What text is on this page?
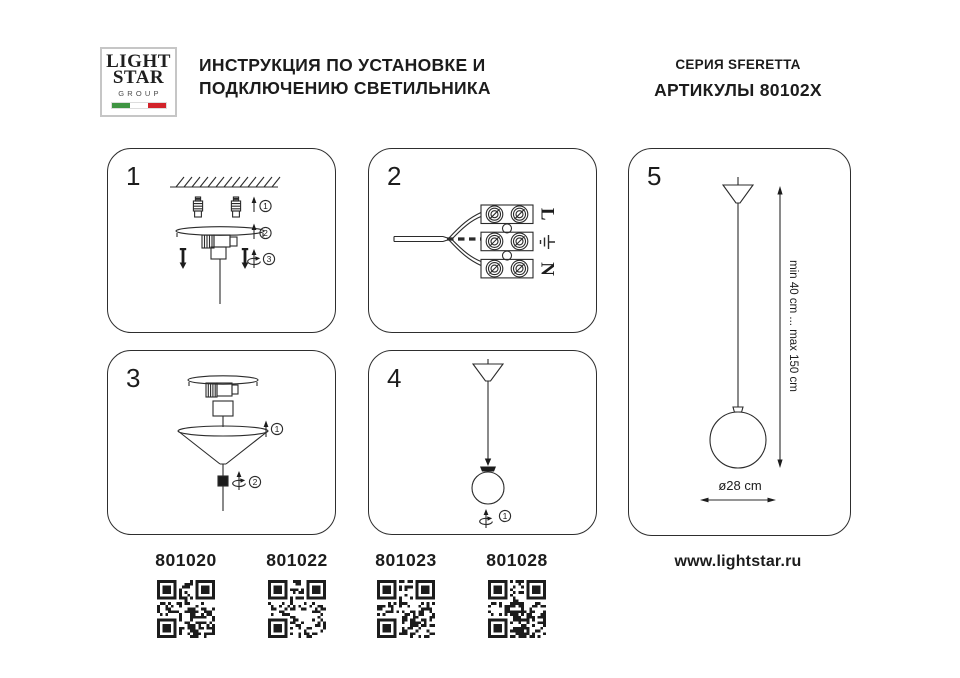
LIGHT
STAR
GROUP
ИНСТРУКЦИЯ ПО УСТАНОВКЕ И
ПОДКЛЮЧЕНИЮ СВЕТИЛЬНИКА
СЕРИЯ SFERETTA
АРТИКУЛЫ 80102X
1
1
2
3
2
L
N
3
1
2
4
1
5
min 40 cm ... max 150 cm
ø28 cm
801020	801022	801023	801028	www.lightstar.ru
